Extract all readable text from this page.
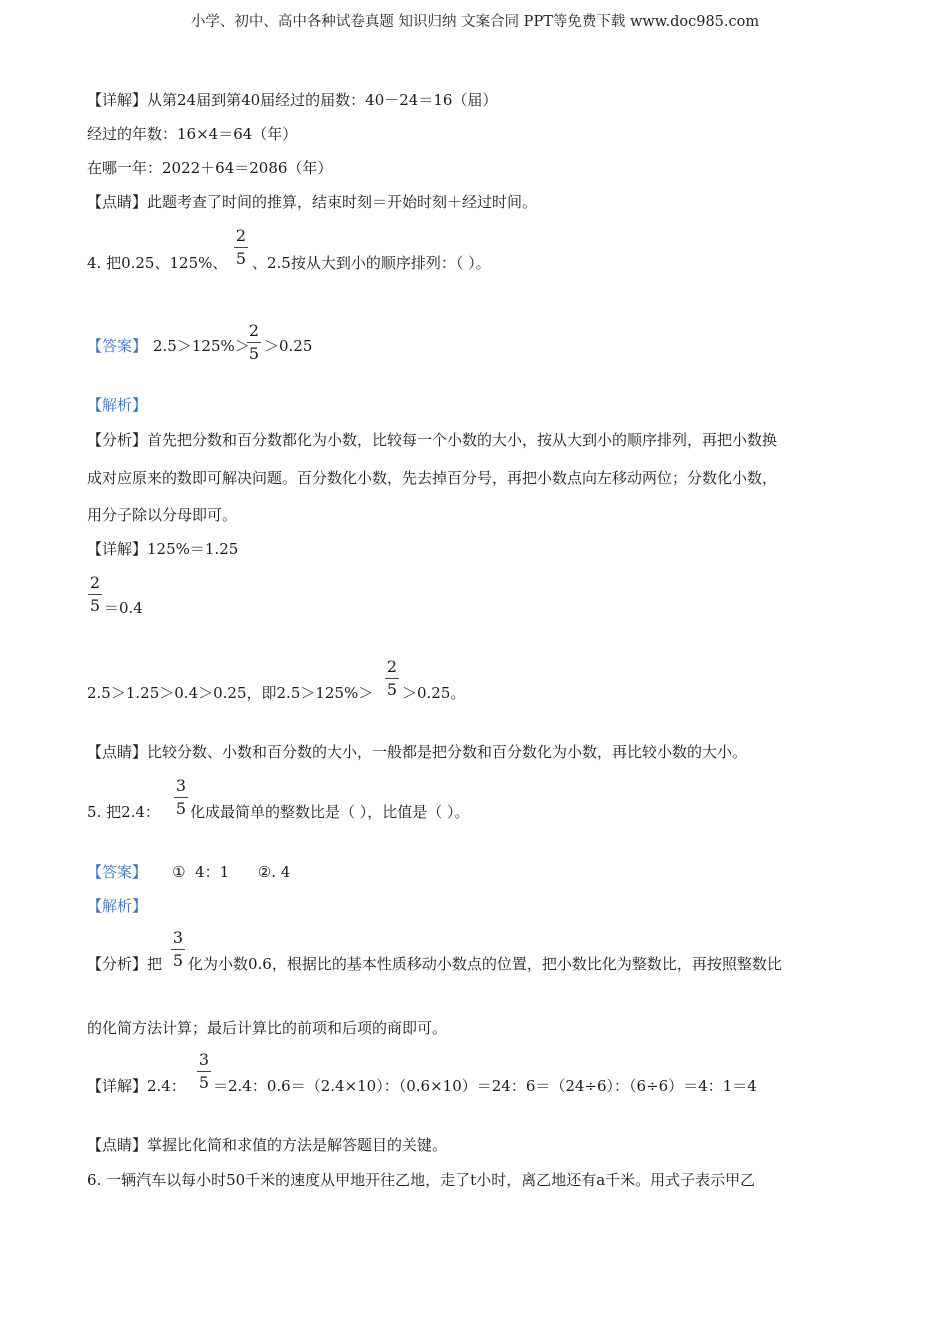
小学、初中、高中各种试卷真题 知识归纳 文案合同 PPT等免费下载 www.doc985.com
【详解】从第24届到第40届经过的届数：40－24＝16（届）
经过的年数：16×4＝64（年）
在哪一年：2022＋64＝2086（年）
【点睛】此题考查了时间的推算，结束时刻＝开始时刻＋经过时间。
4. 把0.25、125%、
2
5 、2.5按从大到小的顺序排列：（ ）。
【答案】 2.5＞125%＞
2
5 ＞0.25
【解析】
【分析】首先把分数和百分数都化为小数，比较每一个小数的大小，按从大到小的顺序排列，再把小数换
成对应原来的数即可解决问题。百分数化小数，先去掉百分号，再把小数点向左移动两位；分数化小数，
用分子除以分母即可。
【详解】125%＝1.25
2
5 ＝0.4
2.5＞1.25＞0.4＞0.25，即2.5＞125%＞
2
5 ＞0.25。
【点睛】比较分数、小数和百分数的大小，一般都是把分数和百分数化为小数，再比较小数的大小。
5. 把2.4：
3
5 化成最简单的整数比是（ ），比值是（ ）。
【答案】 ①  4：1      ②. 4
【解析】
【分析】把
3
5 化为小数0.6，根据比的基本性质移动小数点的位置，把小数比化为整数比，再按照整数比
的化简方法计算；最后计算比的前项和后项的商即可。
【详解】2.4：
3
5 ＝2.4：0.6＝（2.4×10）：（0.6×10）＝24：6＝（24÷6）：（6÷6）＝4：1＝4
【点睛】掌握比化简和求值的方法是解答题目的关键。
6. 一辆汽车以每小时50千米的速度从甲地开往乙地，走了t小时，离乙地还有a千米。用式子表示甲乙
